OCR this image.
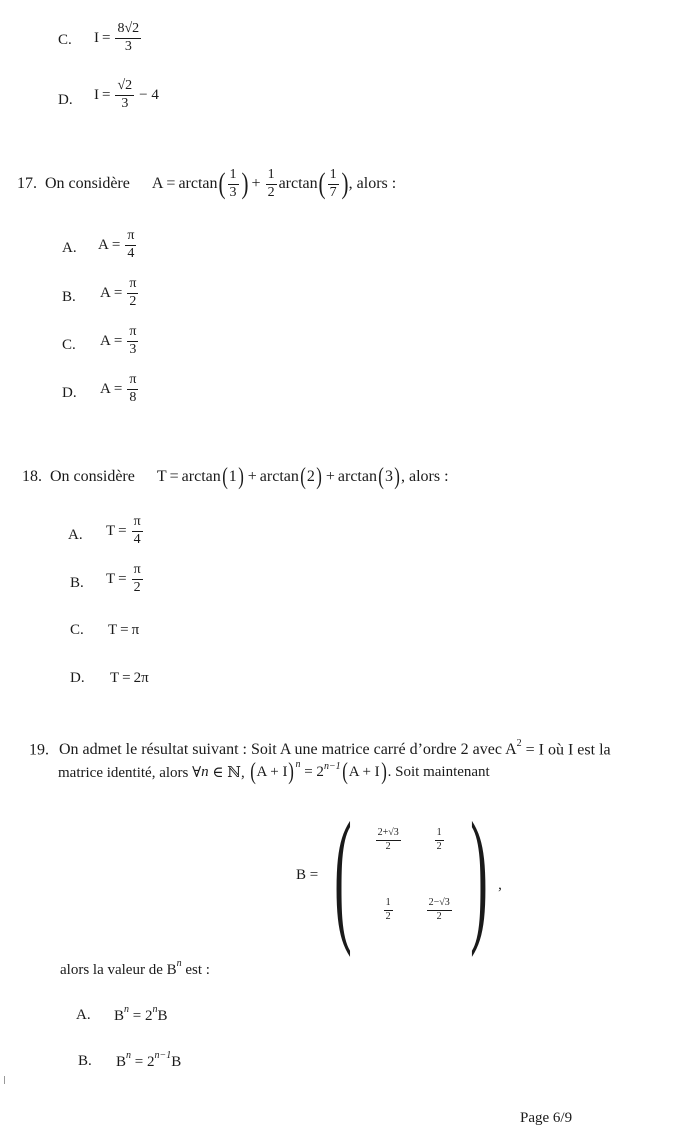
C. $I = \frac{8√2}{3}$
D. $I = \frac{√2}{3} - 4$
17. On considère A = arctan ( $\frac{1}{3}$ ) + $\frac{1}{2}$ arctan ( $\frac{1}{7}$ ) , alors :
A. $A = \frac{\pi}{4}$
B. $A = \frac{\pi}{2}$
C. $A = \frac{\pi}{3}$
D. $A = \frac{\pi}{8}$
18. On considère T = arctan ( 1 ) + arctan ( 2 ) + arctan ( 3 ) , alors :
A. $T = \frac{\pi}{4}$
B. $T = \frac{\pi}{2}$
C. T = π
D. T = 2π
19. On admet le résultat suivant : Soit A une matrice carré d’ordre 2 avec $A^2 = I$ où I est la
matrice identité, alors ∀ n ∈ ℕ, ( A + I ) n = 2 n−1 ( A + I ) . Soit maintenant
B = ( $\frac{2+√3}{2}$	$\frac{1}{2}$
$\frac{1}{2}$	$\frac{2-√3}{2}$ ) ,
alors la valeur de $B^n$ est :
A. $B^n = 2^nB$
B. $B^n = 2^{n-1}B$
Page 6/9
